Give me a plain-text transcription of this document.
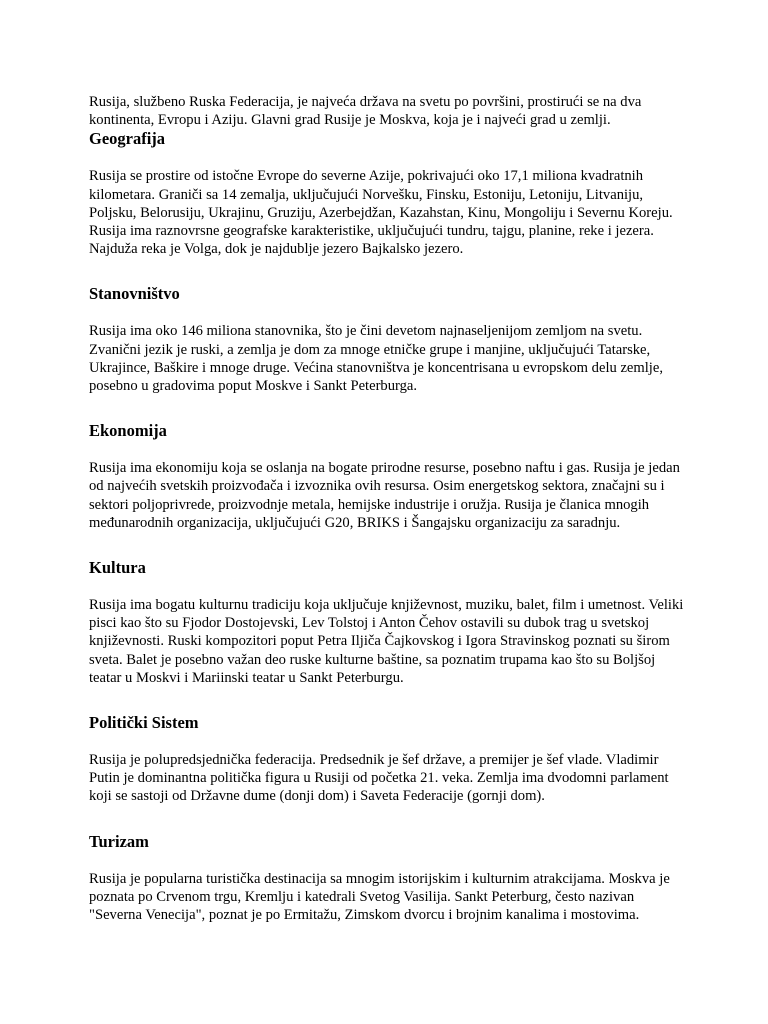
Rusija, službeno Ruska Federacija, je najveća država na svetu po površini, prostirući se na dva kontinenta, Evropu i Aziju. Glavni grad Rusije je Moskva, koja je i najveći grad u zemlji.

Geografija

Rusija se prostire od istočne Evrope do severne Azije, pokrivajući oko 17,1 miliona kvadratnih kilometara. Graniči sa 14 zemalja, uključujući Norvešku, Finsku, Estoniju, Letoniju, Litvaniju, Poljsku, Belorusiju, Ukrajinu, Gruziju, Azerbejdžan, Kazahstan, Kinu, Mongoliju i Severnu Koreju. Rusija ima raznovrsne geografske karakteristike, uključujući tundru, tajgu, planine, reke i jezera. Najduža reka je Volga, dok je najdublje jezero Bajkalsko jezero.

Stanovništvo

Rusija ima oko 146 miliona stanovnika, što je čini devetom najnaseljenijom zemljom na svetu. Zvanični jezik je ruski, a zemlja je dom za mnoge etničke grupe i manjine, uključujući Tatarske, Ukrajince, Baškire i mnoge druge. Većina stanovništva je koncentrisana u evropskom delu zemlje, posebno u gradovima poput Moskve i Sankt Peterburga.

Ekonomija

Rusija ima ekonomiju koja se oslanja na bogate prirodne resurse, posebno naftu i gas. Rusija je jedan od najvećih svetskih proizvođača i izvoznika ovih resursa. Osim energetskog sektora, značajni su i sektori poljoprivrede, proizvodnje metala, hemijske industrije i oružja. Rusija je članica mnogih međunarodnih organizacija, uključujući G20, BRIKS i Šangajsku organizaciju za saradnju.

Kultura

Rusija ima bogatu kulturnu tradiciju koja uključuje književnost, muziku, balet, film i umetnost. Veliki pisci kao što su Fjodor Dostojevski, Lev Tolstoj i Anton Čehov ostavili su dubok trag u svetskoj književnosti. Ruski kompozitori poput Petra Iljiča Čajkovskog i Igora Stravinskog poznati su širom sveta. Balet je posebno važan deo ruske kulturne baštine, sa poznatim trupama kao što su Boljšoj teatar u Moskvi i Mariinski teatar u Sankt Peterburgu.

Politički Sistem

Rusija je polupredsjednička federacija. Predsednik je šef države, a premijer je šef vlade. Vladimir Putin je dominantna politička figura u Rusiji od početka 21. veka. Zemlja ima dvodomni parlament koji se sastoji od Državne dume (donji dom) i Saveta Federacije (gornji dom).

Turizam

Rusija je popularna turistička destinacija sa mnogim istorijskim i kulturnim atrakcijama. Moskva je poznata po Crvenom trgu, Kremlju i katedrali Svetog Vasilija. Sankt Peterburg, često nazivan "Severna Venecija", poznat je po Ermitažu, Zimskom dvorcu i brojnim kanalima i mostovima.
